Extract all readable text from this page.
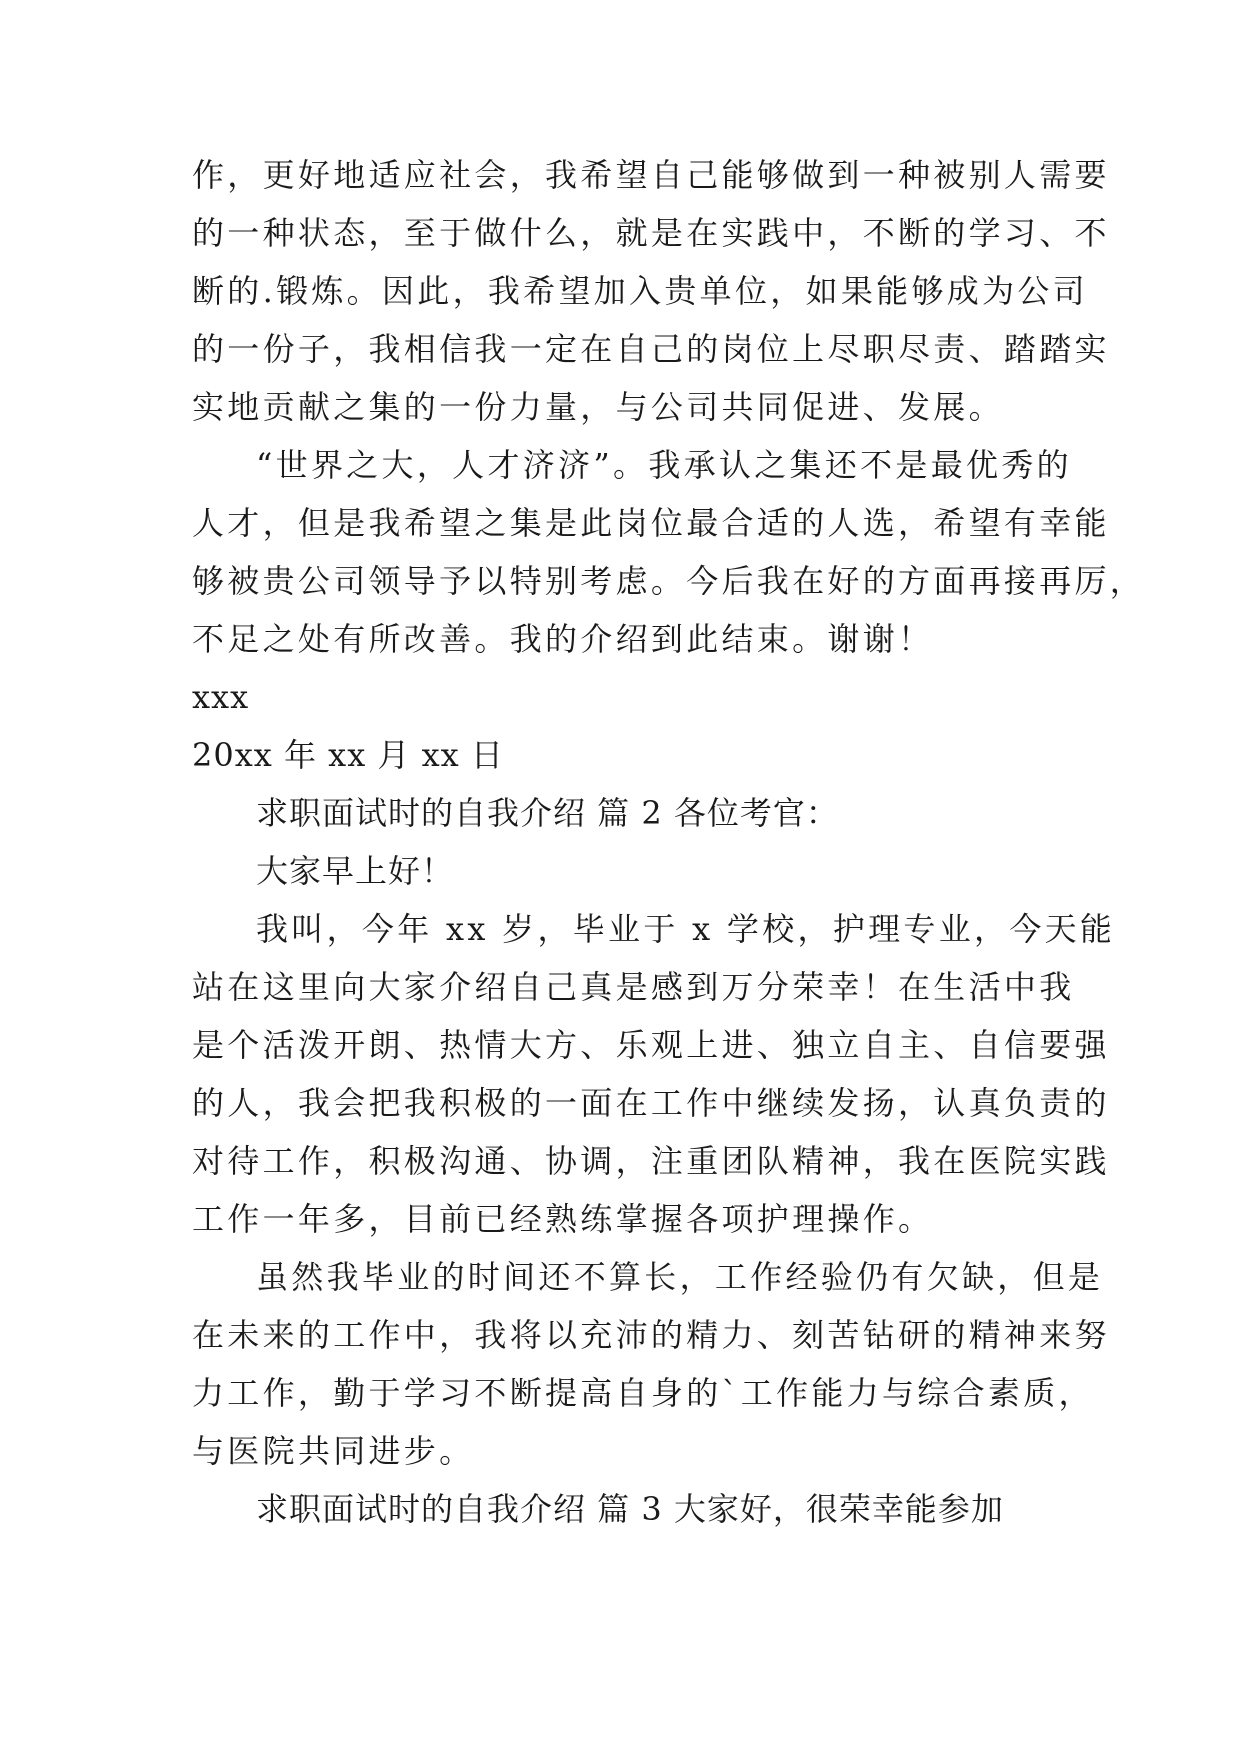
作，更好地适应社会，我希望自己能够做到一种被别人需要
的一种状态，至于做什么，就是在实践中，不断的学习、不
断的.锻炼。因此，我希望加入贵单位，如果能够成为公司
的一份子，我相信我一定在自己的岗位上尽职尽责、踏踏实
实地贡献之集的一份力量，与公司共同促进、发展。
“世界之大，人才济济”。我承认之集还不是最优秀的
人才，但是我希望之集是此岗位最合适的人选，希望有幸能
够被贵公司领导予以特别考虑。今后我在好的方面再接再厉，
不足之处有所改善。我的介绍到此结束。谢谢！
xxx
20xx 年 xx 月 xx 日
求职面试时的自我介绍 篇 2 各位考官：
大家早上好！
我叫，今年 xx 岁，毕业于 x 学校，护理专业，今天能
站在这里向大家介绍自己真是感到万分荣幸！在生活中我
是个活泼开朗、热情大方、乐观上进、独立自主、自信要强
的人，我会把我积极的一面在工作中继续发扬，认真负责的
对待工作，积极沟通、协调，注重团队精神，我在医院实践
工作一年多，目前已经熟练掌握各项护理操作。
虽然我毕业的时间还不算长，工作经验仍有欠缺，但是
在未来的工作中，我将以充沛的精力、刻苦钻研的精神来努
力工作，勤于学习不断提高自身的`工作能力与综合素质，
与医院共同进步。
求职面试时的自我介绍 篇 3 大家好，很荣幸能参加
